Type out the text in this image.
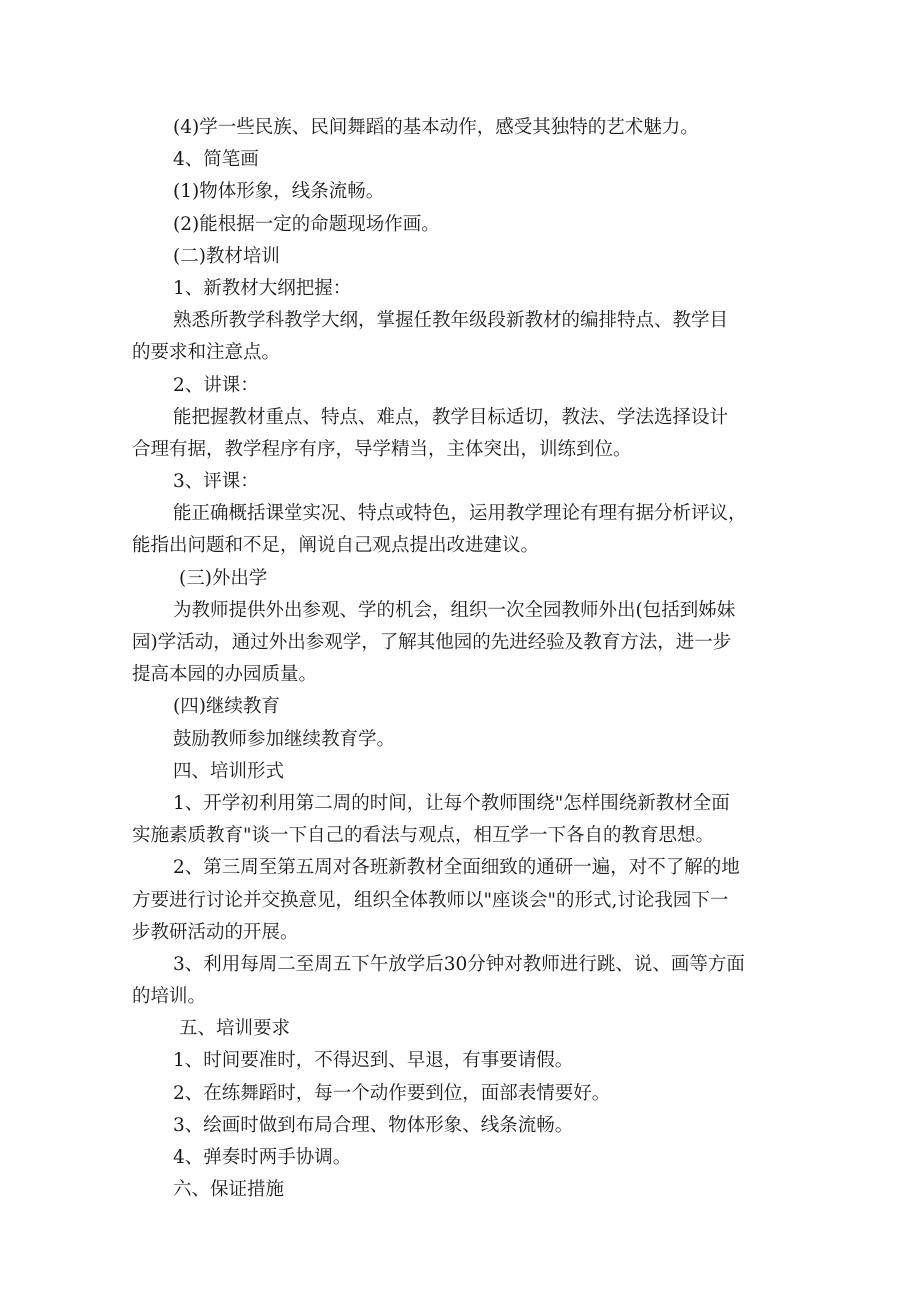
(4)学一些民族、民间舞蹈的基本动作，感受其独特的艺术魅力。
4、简笔画
(1)物体形象，线条流畅。
(2)能根据一定的命题现场作画。
(二)教材培训
1、新教材大纲把握：
熟悉所教学科教学大纲，掌握任教年级段新教材的编排特点、教学目
的要求和注意点。
2、讲课：
能把握教材重点、特点、难点，教学目标适切，教法、学法选择设计
合理有据，教学程序有序，导学精当，主体突出，训练到位。
3、评课：
能正确概括课堂实况、特点或特色，运用教学理论有理有据分析评议，
能指出问题和不足，阐说自己观点提出改进建议。
(三)外出学
为教师提供外出参观、学的机会，组织一次全园教师外出(包括到姊妹
园)学活动，通过外出参观学，了解其他园的先进经验及教育方法，进一步
提高本园的办园质量。
(四)继续教育
鼓励教师参加继续教育学。
四、培训形式
1、开学初利用第二周的时间，让每个教师围绕"怎样围绕新教材全面
实施素质教育"谈一下自己的看法与观点，相互学一下各自的教育思想。
2、第三周至第五周对各班新教材全面细致的通研一遍，对不了解的地
方要进行讨论并交换意见，组织全体教师以"座谈会"的形式,讨论我园下一
步教研活动的开展。
3、利用每周二至周五下午放学后30分钟对教师进行跳、说、画等方面
的培训。
五、培训要求
1、时间要准时，不得迟到、早退，有事要请假。
2、在练舞蹈时，每一个动作要到位，面部表情要好。
3、绘画时做到布局合理、物体形象、线条流畅。
4、弹奏时两手协调。
六、保证措施
